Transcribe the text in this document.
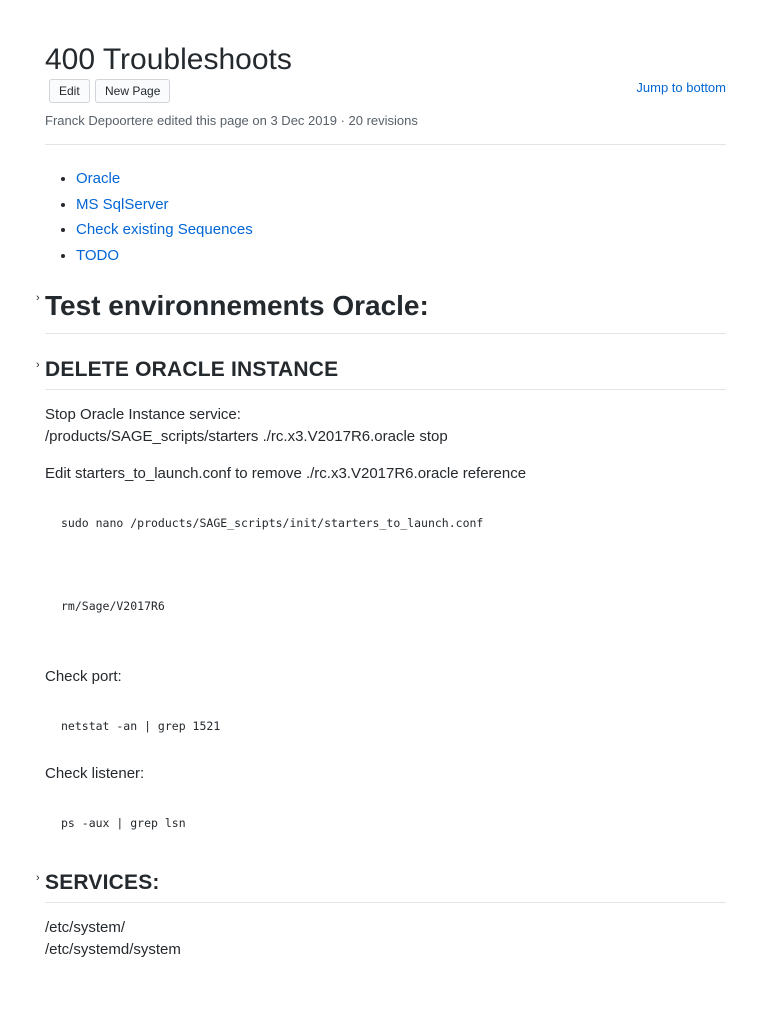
400 Troubleshoots
Edit	New Page	Jump to bottom
Franck Depoortere edited this page on 3 Dec 2019 · 20 revisions
• Oracle
• MS SqlServer
• Check existing Sequences
• TODO
› Test environnements Oracle:
› DELETE ORACLE INSTANCE
Stop Oracle Instance service:
/products/SAGE_scripts/starters ./rc.x3.V2017R6.oracle stop
Edit starters_to_launch.conf to remove ./rc.x3.V2017R6.oracle reference
sudo nano /products/SAGE_scripts/init/starters_to_launch.conf
rm/Sage/V2017R6
Check port:
netstat -an | grep 1521
Check listener:
ps -aux | grep lsn
› SERVICES:
/etc/system/
/etc/systemd/system
